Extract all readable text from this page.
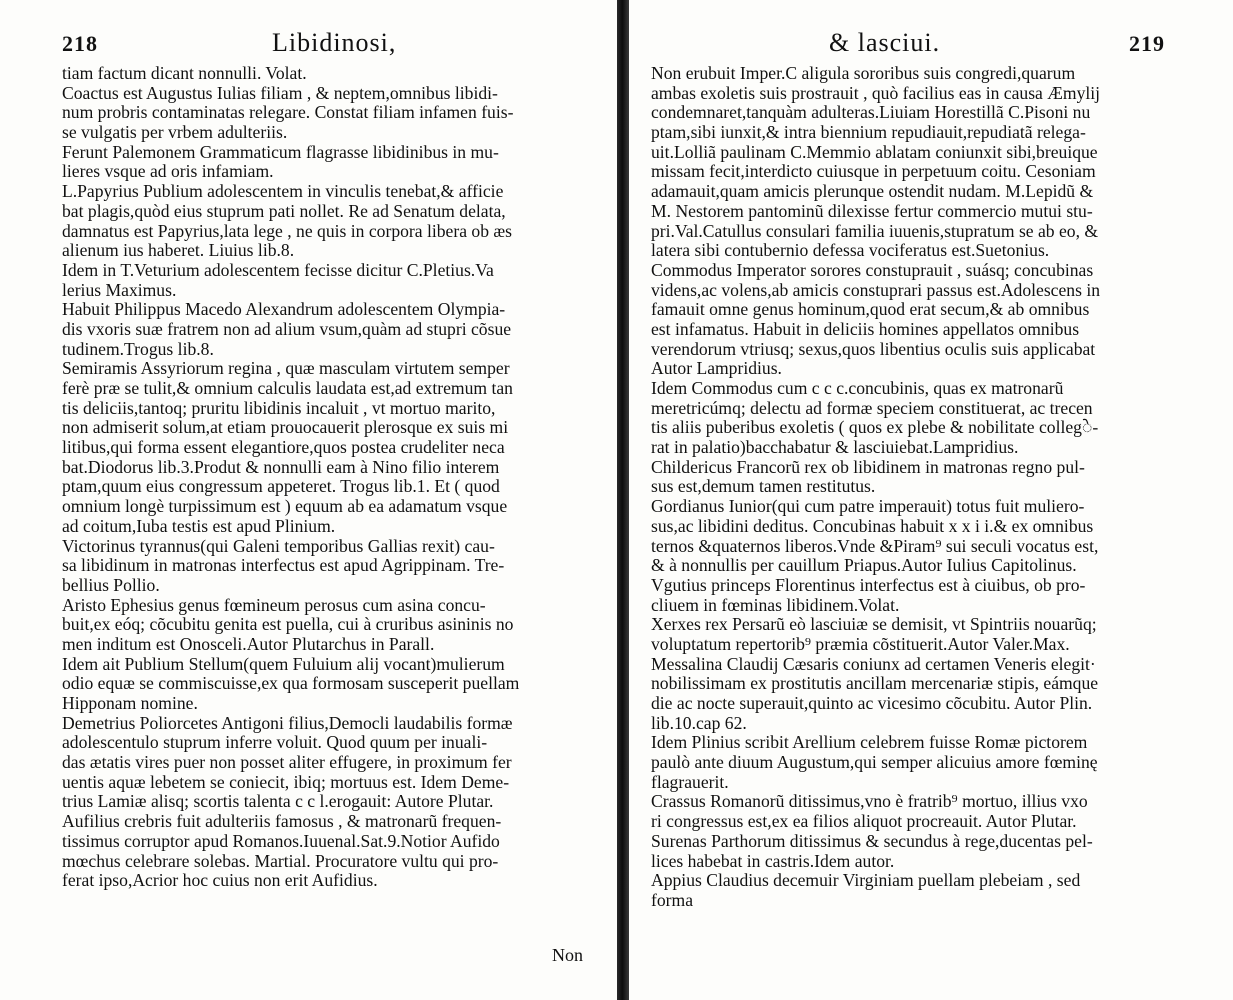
218	Libidinosi,
tiam factum dicant nonnulli. Volat.
Coactus est Augustus Iulias filiam , & neptem,omnibus libidi-
num probris contaminatas relegare. Constat filiam infamen fuis-
se vulgatis per vrbem adulteriis.
Ferunt Palemonem Grammaticum flagrasse libidinibus in mu-
lieres vsque ad oris infamiam.
L.Papyrius Publium adolescentem in vinculis tenebat,& afficie
bat plagis,quòd eius stuprum pati nollet. Re ad Senatum delata,
damnatus est Papyrius,lata lege , ne quis in corpora libera ob æs
alienum ius haberet. Liuius lib.8.
Idem in T.Veturium adolescentem fecisse dicitur C.Pletius.Va
lerius Maximus.
Habuit Philippus Macedo Alexandrum adolescentem Olympia-
dis vxoris suæ fratrem non ad alium vsum,quàm ad stupri cõsue
tudinem.Trogus lib.8.
Semiramis Assyriorum regina , quæ masculam virtutem semper
ferè præ se tulit,& omnium calculis laudata est,ad extremum tan
tis deliciis,tantoq; pruritu libidinis incaluit , vt mortuo marito,
non admiserit solum,at etiam prouocauerit plerosque ex suis mi
litibus,qui forma essent elegantiore,quos postea crudeliter neca
bat.Diodorus lib.3.Produt & nonnulli eam à Nino filio interem
ptam,quum eius congressum appeteret. Trogus lib.1. Et ( quod
omnium longè turpissimum est ) equum ab ea adamatum vsque
ad coitum,Iuba testis est apud Plinium.
Victorinus tyrannus(qui Galeni temporibus Gallias rexit) cau-
sa libidinum in matronas interfectus est apud Agrippinam. Tre-
bellius Pollio.
Aristo Ephesius genus fœmineum perosus cum asina concu-
buit,ex eóq; cõcubitu genita est puella, cui à cruribus asininis no
men inditum est Onosceli.Autor Plutarchus in Parall.
Idem ait Publium Stellum(quem Fuluium alij vocant)mulierum
odio equæ se commiscuisse,ex qua formosam susceperit puellam
Hipponam nomine.
Demetrius Poliorcetes Antigoni filius,Democli laudabilis formæ
adolescentulo stuprum inferre voluit. Quod quum per inuali-
das ætatis vires puer non posset aliter effugere, in proximum fer
uentis aquæ lebetem se coniecit, ibiq; mortuus est. Idem Deme-
trius Lamiæ alisq; scortis talenta c c l.erogauit: Autore Plutar.
Aufilius crebris fuit adulteriis famosus , & matronarũ frequen-
tissimus corruptor apud Romanos.Iuuenal.Sat.9.Notior Aufido
mœchus celebrare solebas. Martial. Procuratore vultu qui pro-
ferat ipso,Acrior hoc cuius non erit Aufidius.
Non
& lasciui.	219
Non erubuit Imper.C aligula sororibus suis congredi,quarum
ambas exoletis suis prostrauit , quò facilius eas in causa Æmylij
condemnaret,tanquàm adulteras.Liuiam Horestillã C.Pisoni nu
ptam,sibi iunxit,& intra biennium repudiauit,repudiatã relega-
uit.Lolliã paulinam C.Memmio ablatam coniunxit sibi,breuique
missam fecit,interdicto cuiusque in perpetuum coitu. Cesoniam
adamauit,quam amicis plerunque ostendit nudam. M.Lepidũ &
M. Nestorem pantominũ dilexisse fertur commercio mutui stu-
pri.Val.Catullus consulari familia iuuenis,stupratum se ab eo, &
latera sibi contubernio defessa vociferatus est.Suetonius.
Commodus Imperator sorores constuprauit , suásq; concubinas
videns,ac volens,ab amicis constuprari passus est.Adolescens in
famauit omne genus hominum,quod erat secum,& ab omnibus
est infamatus. Habuit in deliciis homines appellatos omnibus
verendorum vtriusq; sexus,quos libentius oculis suis applicabat
Autor Lampridius.
Idem Commodus cum c c c.concubinis, quas ex matronarũ
meretricúmq; delectu ad formæ speciem constituerat, ac trecen
tis aliis puberibus exoletis ( quos ex plebe & nobilitate collegे-
rat in palatio)bacchabatur & lasciuiebat.Lampridius.
Childericus Francorũ rex ob libidinem in matronas regno pul-
sus est,demum tamen restitutus.
Gordianus Iunior(qui cum patre imperauit) totus fuit muliero-
sus,ac libidini deditus. Concubinas habuit x x i i.& ex omnibus
ternos &quaternos liberos.Vnde &Piram⁹ sui seculi vocatus est,
& à nonnullis per cauillum Priapus.Autor Iulius Capitolinus.
Vgutius princeps Florentinus interfectus est à ciuibus, ob pro-
cliuem in fœminas libidinem.Volat.
Xerxes rex Persarũ eò lasciuiæ se demisit, vt Spintriis nouarũq;
voluptatum repertorib⁹ præmia cõstituerit.Autor Valer.Max.
Messalina Claudij Cæsaris coniunx ad certamen Veneris elegit·
nobilissimam ex prostitutis ancillam mercenariæ stipis, eámque
die ac nocte superauit,quinto ac vicesimo cõcubitu. Autor Plin.
lib.10.cap 62.
Idem Plinius scribit Arellium celebrem fuisse Romæ pictorem
paulò ante diuum Augustum,qui semper alicuius amore fœminę
flagrauerit.
Crassus Romanorũ ditissimus,vno è fratrib⁹ mortuo, illius vxo
ri congressus est,ex ea filios aliquot procreauit. Autor Plutar.
Surenas Parthorum ditissimus & secundus à rege,ducentas pel-
lices habebat in castris.Idem autor.
Appius Claudius decemuir Virginiam puellam plebeiam , sed
forma
